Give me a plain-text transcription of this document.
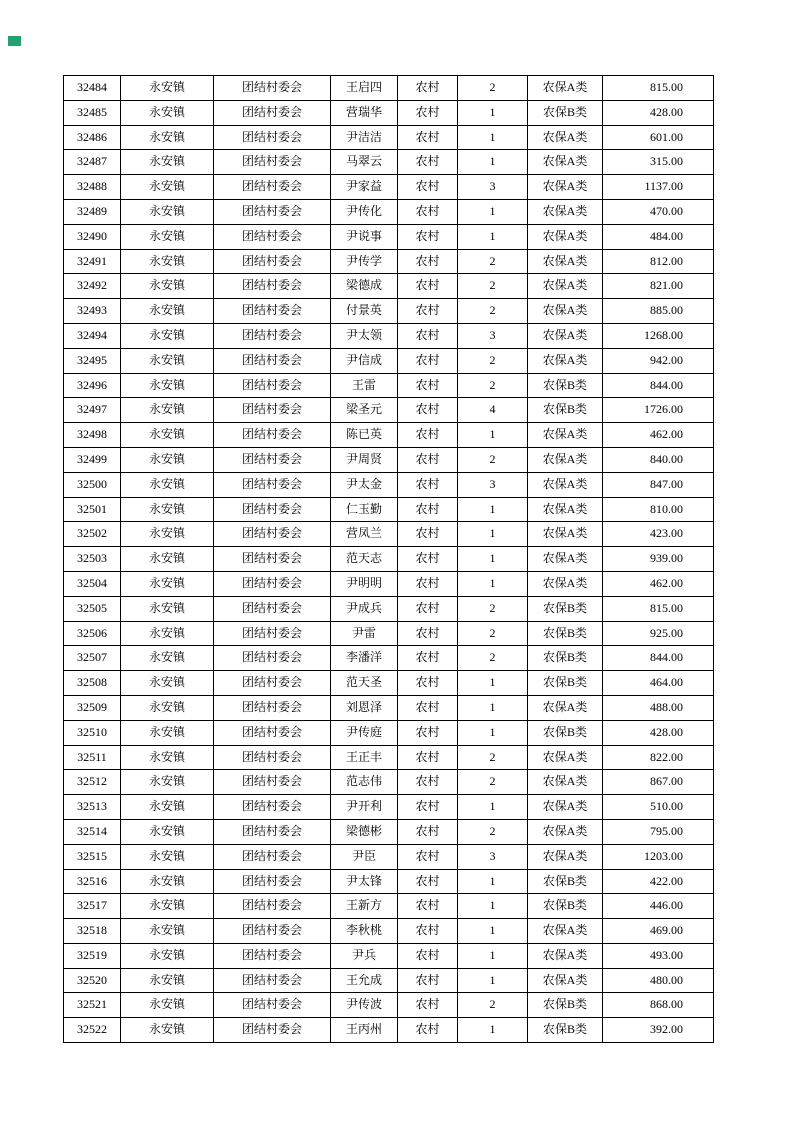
32484	永安镇	团结村委会	王启四	农村	2	农保A类	815.00
32485	永安镇	团结村委会	营瑞华	农村	1	农保B类	428.00
32486	永安镇	团结村委会	尹洁洁	农村	1	农保A类	601.00
32487	永安镇	团结村委会	马翠云	农村	1	农保A类	315.00
32488	永安镇	团结村委会	尹家益	农村	3	农保A类	1137.00
32489	永安镇	团结村委会	尹传化	农村	1	农保A类	470.00
32490	永安镇	团结村委会	尹说事	农村	1	农保A类	484.00
32491	永安镇	团结村委会	尹传学	农村	2	农保A类	812.00
32492	永安镇	团结村委会	梁德成	农村	2	农保A类	821.00
32493	永安镇	团结村委会	付景英	农村	2	农保A类	885.00
32494	永安镇	团结村委会	尹太领	农村	3	农保A类	1268.00
32495	永安镇	团结村委会	尹信成	农村	2	农保A类	942.00
32496	永安镇	团结村委会	王雷	农村	2	农保B类	844.00
32497	永安镇	团结村委会	梁圣元	农村	4	农保B类	1726.00
32498	永安镇	团结村委会	陈已英	农村	1	农保A类	462.00
32499	永安镇	团结村委会	尹周贤	农村	2	农保A类	840.00
32500	永安镇	团结村委会	尹太金	农村	3	农保A类	847.00
32501	永安镇	团结村委会	仁玉勤	农村	1	农保A类	810.00
32502	永安镇	团结村委会	营凤兰	农村	1	农保A类	423.00
32503	永安镇	团结村委会	范天志	农村	1	农保A类	939.00
32504	永安镇	团结村委会	尹明明	农村	1	农保A类	462.00
32505	永安镇	团结村委会	尹成兵	农村	2	农保B类	815.00
32506	永安镇	团结村委会	尹雷	农村	2	农保B类	925.00
32507	永安镇	团结村委会	李潘洋	农村	2	农保B类	844.00
32508	永安镇	团结村委会	范天圣	农村	1	农保B类	464.00
32509	永安镇	团结村委会	刘恩泽	农村	1	农保A类	488.00
32510	永安镇	团结村委会	尹传庭	农村	1	农保B类	428.00
32511	永安镇	团结村委会	王正丰	农村	2	农保A类	822.00
32512	永安镇	团结村委会	范志伟	农村	2	农保A类	867.00
32513	永安镇	团结村委会	尹开利	农村	1	农保A类	510.00
32514	永安镇	团结村委会	梁德彬	农村	2	农保A类	795.00
32515	永安镇	团结村委会	尹臣	农村	3	农保A类	1203.00
32516	永安镇	团结村委会	尹太锋	农村	1	农保B类	422.00
32517	永安镇	团结村委会	王新方	农村	1	农保B类	446.00
32518	永安镇	团结村委会	李秋桃	农村	1	农保A类	469.00
32519	永安镇	团结村委会	尹兵	农村	1	农保A类	493.00
32520	永安镇	团结村委会	王允成	农村	1	农保A类	480.00
32521	永安镇	团结村委会	尹传波	农村	2	农保B类	868.00
32522	永安镇	团结村委会	王丙州	农村	1	农保B类	392.00
